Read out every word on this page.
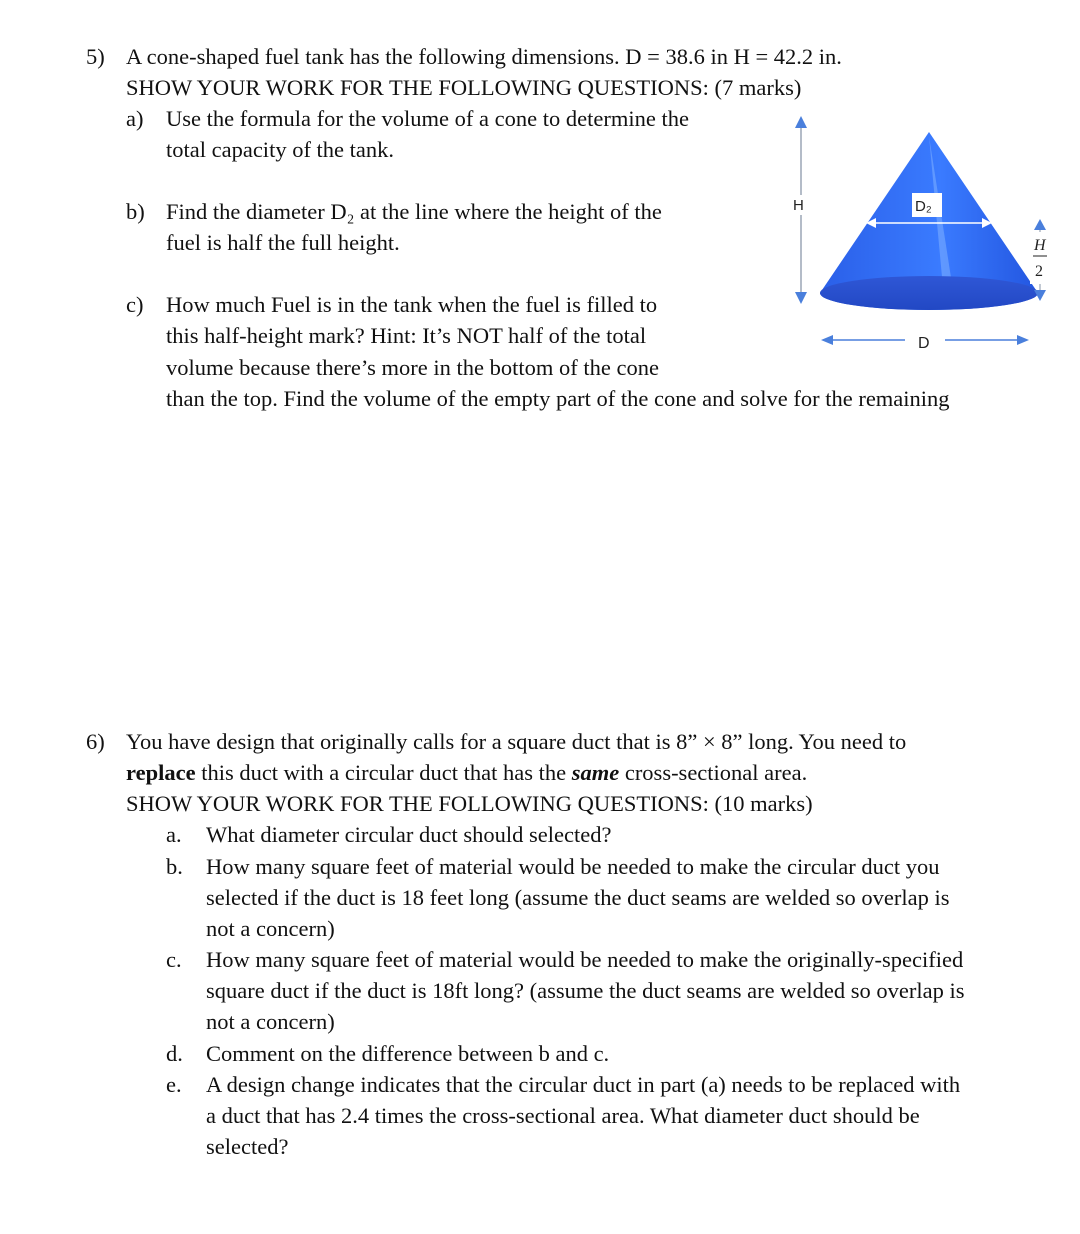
5) A cone-shaped fuel tank has the following dimensions. D = 38.6 in H = 42.2 in.
SHOW YOUR WORK FOR THE FOLLOWING QUESTIONS: (7 marks)
a) Use the formula for the volume of a cone to determine the
total capacity of the tank.
b) Find the diameter D₂ at the line where the height of the
fuel is half the full height.
c) How much Fuel is in the tank when the fuel is filled to
this half-height mark? Hint: It’s NOT half of the total
volume because there’s more in the bottom of the cone
than the top. Find the volume of the empty part of the cone and solve for the remaining
H	D₂
H
2
D
6) You have design that originally calls for a square duct that is 8” × 8” long. You need to
replace this duct with a circular duct that has the same cross-sectional area.
SHOW YOUR WORK FOR THE FOLLOWING QUESTIONS: (10 marks)
a. What diameter circular duct should selected?
b. How many square feet of material would be needed to make the circular duct you
selected if the duct is 18 feet long (assume the duct seams are welded so overlap is
not a concern)
c. How many square feet of material would be needed to make the originally-specified
square duct if the duct is 18ft long? (assume the duct seams are welded so overlap is
not a concern)
d. Comment on the difference between b and c.
e. A design change indicates that the circular duct in part (a) needs to be replaced with
a duct that has 2.4 times the cross-sectional area. What diameter duct should be
selected?
